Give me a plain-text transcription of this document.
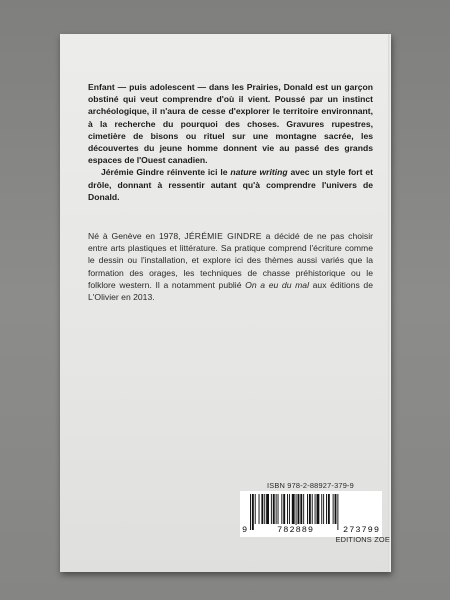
Enfant — puis adolescent — dans les Prairies, Donald est un garçon obstiné qui veut comprendre d'où il vient. Poussé par un instinct archéologique, il n'aura de cesse d'explorer le territoire environnant, à la recherche du pourquoi des choses. Gravures rupestres, cimetière de bisons ou rituel sur une montagne sacrée, les découvertes du jeune homme donnent vie au passé des grands espaces de l'Ouest canadien.

Jérémie Gindre réinvente ici le nature writing avec un style fort et drôle, donnant à ressentir autant qu'à comprendre l'univers de Donald.

Né à Genève en 1978, JÉRÉMIE GINDRE a décidé de ne pas choisir entre arts plastiques et littérature. Sa pratique comprend l'écriture comme le dessin ou l'installation, et explore ici des thèmes aussi variés que la formation des orages, les techniques de chasse préhistorique ou le folklore western. Il a notamment publié On a eu du mal aux éditions de L'Olivier en 2013.

ISBN 978-2-88927-379-9
9	782889	273799
EDITIONS ZOE
